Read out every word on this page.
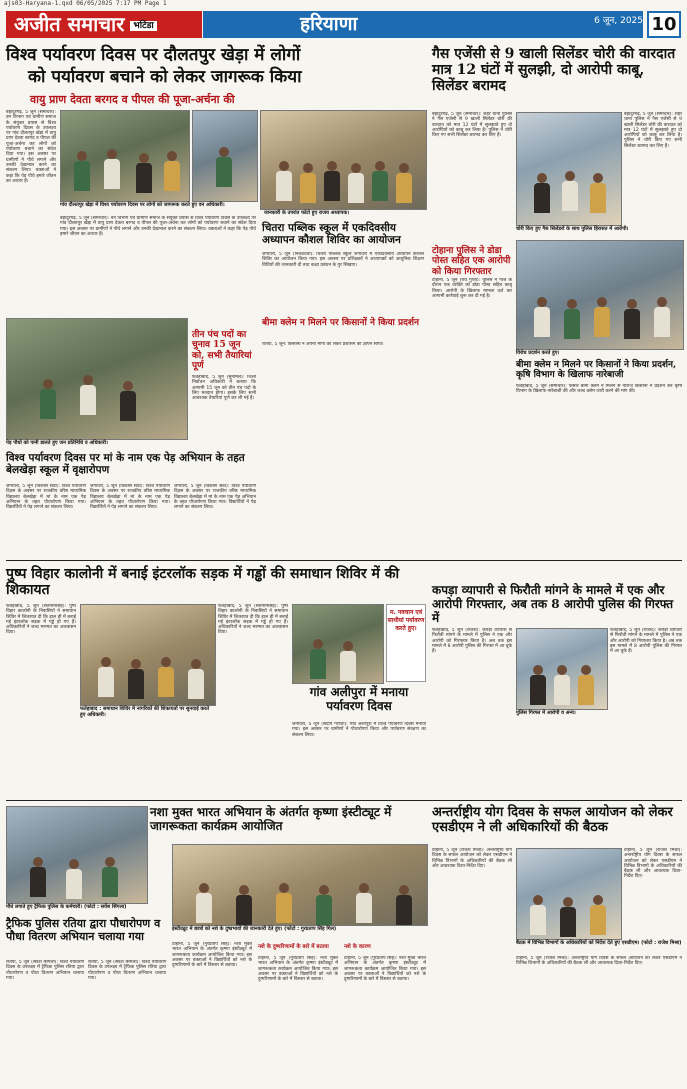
ajs03-Haryana-1.qxd 06/05/2025 7:17 PM Page 1
अजीत समाचार भटिंडा	हरियाणा	6 जून, 2025 10
विश्व पर्यावरण दिवस पर दौलतपुर खेड़ा में लोगों
को पर्यावरण बचाने को लेकर जागरूक किया
वायु प्राण देवता बरगद व पीपल की पूजा-अर्चना की
बहादुरगढ़, 5 जून (समाचार): वन विभाग एवं ग्रामीण समाज के संयुक्त प्रयास से विश्व पर्यावरण दिवस के उपलक्ष्य पर गांव दौलतपुर खेड़ा में वायु प्राण देवता बरगद व पीपल की पूजा-अर्चना कर लोगों को पर्यावरण बचाने का संदेश दिया गया। इस अवसर पर ग्रामीणों ने पौधे लगाने और उनकी देखभाल करने का संकल्प लिया। वक्ताओं ने कहा कि पेड़ पौधे हमारे जीवन का आधार हैं।
गांव दौलतपुर खेड़ा में विश्व पर्यावरण दिवस पर लोगों को जागरूक करते हुए वन अधिकारी।
बहादुरगढ़, 5 जून (समाचार): वन विभाग एवं ग्रामीण समाज के संयुक्त प्रयास से विश्व पर्यावरण दिवस के उपलक्ष्य पर गांव दौलतपुर खेड़ा में वायु प्राण देवता बरगद व पीपल की पूजा-अर्चना कर लोगों को पर्यावरण बचाने का संदेश दिया गया। इस अवसर पर ग्रामीणों ने पौधे लगाने और उनकी देखभाल करने का संकल्प लिया। वक्ताओं ने कहा कि पेड़ पौधे हमारे जीवन का आधार हैं।
जानकारी के उपरांत फोटो हुए राजय अध्यापक।
चितरा पब्लिक स्कूल में एकदिवसीय अध्यापन कौशल शिविर का आयोजन
जगाधरी, 5 जून (निकटवर्ती): चितरा पब्लिक स्कूल जगाधरी में एकदिवसीय अध्यापन कौशल शिविर का आयोजन किया गया। इस अवसर पर प्रशिक्षकों ने अध्यापकों को आधुनिक शिक्षण विधियों की जानकारी दी तथा कक्षा प्रबंधन के गुर सिखाए।
तीन पंच पदों का चुनाव 15 जून को, सभी तैयारियां पूर्ण
पेड़ पौधों को पानी डालते हुए जन प्रतिनिधि व अधिकारी।
फतेहाबाद, 5 जून (सुनामल): जिला निर्वाचन अधिकारी ने बताया कि आगामी 15 जून को तीन पंच पदों के लिए मतदान होगा। इसके लिए सभी आवश्यक तैयारियां पूर्ण कर ली गई हैं।
विश्व पर्यावरण दिवस पर मां के नाम एक पेड़ अभियान के तहत बेलखेड़ा स्कूल में वृक्षारोपण
जगाधरी, 5 जून (विकास सेठी): विश्व पर्यावरण दिवस के अवसर पर राजकीय वरिष्ठ माध्यमिक विद्यालय बेलखेड़ा में मां के नाम एक पेड़ अभियान के तहत पौधारोपण किया गया। विद्यार्थियों ने पेड़ लगाने का संकल्प लिया।
जगाधरी, 5 जून (विकास सेठी): विश्व पर्यावरण दिवस के अवसर पर राजकीय वरिष्ठ माध्यमिक विद्यालय बेलखेड़ा में मां के नाम एक पेड़ अभियान के तहत पौधारोपण किया गया। विद्यार्थियों ने पेड़ लगाने का संकल्प लिया।
जगाधरी, 5 जून (विकास सेठी): विश्व पर्यावरण दिवस के अवसर पर राजकीय वरिष्ठ माध्यमिक विद्यालय बेलखेड़ा में मां के नाम एक पेड़ अभियान के तहत पौधारोपण किया गया। विद्यार्थियों ने पेड़ लगाने का संकल्प लिया।
गैस एजेंसी से 9 खाली सिलेंडर चोरी की वारदात मात्र 12 घंटों में सुलझी, दो आरोपी काबू, सिलेंडर बरामद
बहादुरगढ़, 5 जून (समाचार): शहर थाना पुलिस ने गैस एजेंसी से 9 खाली सिलेंडर चोरी की वारदात को मात्र 12 घंटों में सुलझाते हुए दो आरोपियों को काबू कर लिया है। पुलिस ने चोरी किए गए सभी सिलेंडर बरामद कर लिए हैं।
चोरी किए हुए गैस सिलेंडरों के साथ पुलिस हिरासत में आरोपी।
बहादुरगढ़, 5 जून (समाचार): शहर थाना पुलिस ने गैस एजेंसी से 9 खाली सिलेंडर चोरी की वारदात को मात्र 12 घंटों में सुलझाते हुए दो आरोपियों को काबू कर लिया है। पुलिस ने चोरी किए गए सभी सिलेंडर बरामद कर लिए हैं।
टोहाना पुलिस ने डोडा पोस्त सहित एक आरोपी को किया गिरफ्तार
टोहाना, 5 जून (रवि गुप्ता): पुलिस ने गश्त के दौरान एक व्यक्ति को डोडा पोस्त सहित काबू किया। आरोपी के खिलाफ मामला दर्ज कर आगामी कार्रवाई शुरू कर दी गई है।
विरोध प्रदर्शन करते हुए।
बीमा क्लेम न मिलने पर किसानों ने किया प्रदर्शन, कृषि विभाग के खिलाफ नारेबाजी
फतेहाबाद, 5 जून (समाचार): फसल बीमा क्लेम न मिलने से नाराज किसानों ने प्रदर्शन कर कृषि विभाग के खिलाफ नारेबाजी की और जल्द क्लेम जारी करने की मांग की।
बीमा क्लेम न मिलने पर किसानों ने किया प्रदर्शन
रतिया, 5 जून: किसानों ने अपनी मांगों को लेकर प्रशासन को ज्ञापन सौंपा।
पुष्प विहार कालोनी में बनाई इंटरलॉक सड़क में गड्ढों की समाधान शिविर में की शिकायत
फतेहाबाद, 5 जून (सतनामसिंह): पुष्प विहार कालोनी के निवासियों ने समाधान शिविर में शिकायत दी कि हाल ही में बनाई गई इंटरलॉक सड़क में गड्ढे हो गए हैं। अधिकारियों ने जल्द मरम्मत का आश्वासन दिया।
फतेहाबाद : समाधान शिविर में नागरिकों की शिकायतों पर सुनवाई करते हुए अधिकारी।
फतेहाबाद, 5 जून (सतनामसिंह): पुष्प विहार कालोनी के निवासियों ने समाधान शिविर में शिकायत दी कि हाल ही में बनाई गई इंटरलॉक सड़क में गड्ढे हो गए हैं। अधिकारियों ने जल्द मरम्मत का आश्वासन दिया।
म. नवचान एवं साथीयां पर्यावरण करते हुए।
गांव अलीपुरा में मनाया पर्यावरण दिवस
जगाधरी, 5 जून (संदीप गेरोजी): गांव अलीपुरा में विश्व पर्यावरण दिवस मनाया गया। इस अवसर पर ग्रामीणों ने पौधारोपण किया और पर्यावरण संरक्षण का संकल्प लिया।
कपड़ा व्यापारी से फिरौती मांगने के मामले में एक और आरोपी गिरफ्तार, अब तक 8 आरोपी पुलिस की गिरफ्त में
फतेहाबाद, 5 जून (राजेश): कपड़ा व्यापारी से फिरौती मांगने के मामले में पुलिस ने एक और आरोपी को गिरफ्तार किया है। अब तक इस मामले में 8 आरोपी पुलिस की गिरफ्त में आ चुके हैं।
पुलिस गिरफ्त में आरोपी व अन्य।
फतेहाबाद, 5 जून (राजेश): कपड़ा व्यापारी से फिरौती मांगने के मामले में पुलिस ने एक और आरोपी को गिरफ्तार किया है। अब तक इस मामले में 8 आरोपी पुलिस की गिरफ्त में आ चुके हैं।
पौधे लगाते हुए ट्रैफिक पुलिस के कर्मचारी। (फोटो : सर्वेश सिंगला)
ट्रैफिक पुलिस रतिया द्वारा पौधारोपण व पौधा वितरण अभियान चलाया गया
रतिया, 5 जून (सर्वेश सिंगला): विश्व पर्यावरण दिवस के उपलक्ष्य में ट्रैफिक पुलिस रतिया द्वारा पौधारोपण व पौधा वितरण अभियान चलाया गया।
रतिया, 5 जून (सर्वेश सिंगला): विश्व पर्यावरण दिवस के उपलक्ष्य में ट्रैफिक पुलिस रतिया द्वारा पौधारोपण व पौधा वितरण अभियान चलाया गया।
नशा मुक्त भारत अभियान के अंतर्गत कृष्णा इंस्टीट्यूट में जागरूकता कार्यक्रम आयोजित
इंस्टीट्यूट में छात्रों को नशे के दुष्प्रभावों की जानकारी देते हुए। (फोटो : गुरप्रताप सिंह गिल)
टोहाना, 5 जून (गुरप्रताप सिंह): नशा मुक्त भारत अभियान के अंतर्गत कृष्णा इंस्टीट्यूट में जागरूकता कार्यक्रम आयोजित किया गया। इस अवसर पर वक्ताओं ने विद्यार्थियों को नशे के दुष्परिणामों के बारे में विस्तार से बताया।
नशे के दुष्परिणामों के बारे में बताया
टोहाना, 5 जून (गुरप्रताप सिंह): नशा मुक्त भारत अभियान के अंतर्गत कृष्णा इंस्टीट्यूट में जागरूकता कार्यक्रम आयोजित किया गया। इस अवसर पर वक्ताओं ने विद्यार्थियों को नशे के दुष्परिणामों के बारे में विस्तार से बताया।
नशे के कारण
टोहाना, 5 जून (गुरप्रताप सिंह): नशा मुक्त भारत अभियान के अंतर्गत कृष्णा इंस्टीट्यूट में जागरूकता कार्यक्रम आयोजित किया गया। इस अवसर पर वक्ताओं ने विद्यार्थियों को नशे के दुष्परिणामों के बारे में विस्तार से बताया।
अन्तर्राष्ट्रीय योग दिवस के सफल आयोजन को लेकर एसडीएम ने ली अधिकारियों की बैठक
टोहाना, 5 जून (राजेश मिश्रा): अन्तर्राष्ट्रीय योग दिवस के सफल आयोजन को लेकर एसडीएम ने विभिन्न विभागों के अधिकारियों की बैठक ली और आवश्यक दिशा-निर्देश दिए।
बैठक में विभिन्न विभागों के अधिकारियों को निर्देश देते हुए एसडीएम। (फोटो : राजेश मिश्रा)
टोहाना, 5 जून (राजेश मिश्रा): अन्तर्राष्ट्रीय योग दिवस के सफल आयोजन को लेकर एसडीएम ने विभिन्न विभागों के अधिकारियों की बैठक ली और आवश्यक दिशा-निर्देश दिए।
टोहाना, 5 जून (राजेश मिश्रा): अन्तर्राष्ट्रीय योग दिवस के सफल आयोजन को लेकर एसडीएम ने विभिन्न विभागों के अधिकारियों की बैठक ली और आवश्यक दिशा-निर्देश दिए।
